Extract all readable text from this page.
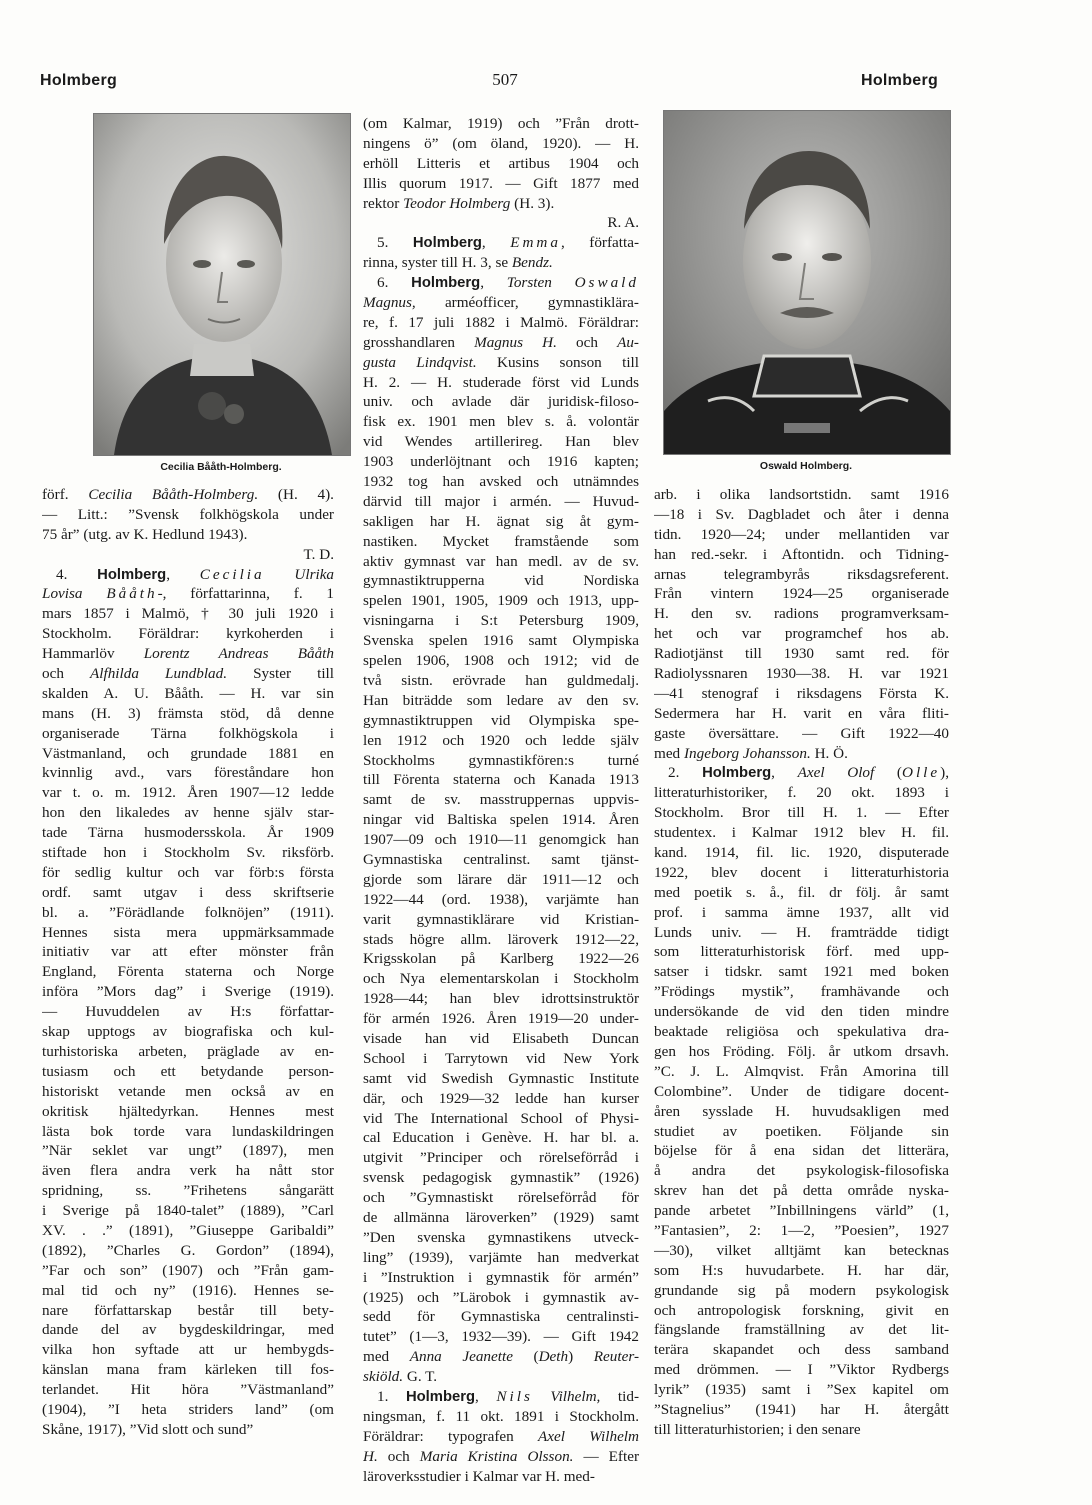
Holmberg	507	Holmberg
Cecilia Bååth-Holmberg.	Oswald Holmberg.
förf. Cecilia Bååth-Holmberg. (H. 4).
— Litt.: ”Svensk folkhögskola under
75 år” (utg. av K. Hedlund 1943).
T. D.
4. Holmberg, Cecilia Ulrika
Lovisa Bååth-, författarinna, f. 1
mars 1857 i Malmö, † 30 juli 1920 i
Stockholm. Föräldrar: kyrkoherden i
Hammarlöv Lorentz Andreas Bååth
och Alfhilda Lundblad. Syster till
skalden A. U. Bååth. — H. var sin
mans (H. 3) främsta stöd, då denne
organiserade Tärna folkhögskola i
Västmanland, och grundade 1881 en
kvinnlig avd., vars föreståndare hon
var t. o. m. 1912. Åren 1907—12 ledde
hon den likaledes av henne själv star-
tade Tärna husmodersskola. År 1909
stiftade hon i Stockholm Sv. riksförb.
för sedlig kultur och var förb:s första
ordf. samt utgav i dess skriftserie
bl. a. ”Förädlande folknöjen” (1911).
Hennes sista mera uppmärksammade
initiativ var att efter mönster från
England, Förenta staterna och Norge
införa ”Mors dag” i Sverige (1919).
— Huvuddelen av H:s författar-
skap upptogs av biografiska och kul-
turhistoriska arbeten, präglade av en-
tusiasm och ett betydande person-
historiskt vetande men också av en
okritisk hjältedyrkan. Hennes mest
lästa bok torde vara lundaskildringen
”När seklet var ungt” (1897), men
även flera andra verk ha nått stor
spridning, ss. ”Frihetens sångarätt
i Sverige på 1840-talet” (1889), ”Carl
XV. . .” (1891), ”Giuseppe Garibaldi”
(1892), ”Charles G. Gordon” (1894),
”Far och son” (1907) och ”Från gam-
mal tid och ny” (1916). Hennes se-
nare författarskap består till bety-
dande del av bygdeskildringar, med
vilka hon syftade att ur hembygds-
känslan mana fram kärleken till fos-
terlandet. Hit höra ”Västmanland”
(1904), ”I heta striders land” (om
Skåne, 1917), ”Vid slott och sund”
(om Kalmar, 1919) och ”Från drott-
ningens ö” (om öland, 1920). — H.
erhöll Litteris et artibus 1904 och
Illis quorum 1917. — Gift 1877 med
rektor Teodor Holmberg (H. 3).
R. A.
5. Holmberg, Emma, författa-
rinna, syster till H. 3, se Bendz.
6. Holmberg, Torsten Oswald
Magnus, arméofficer, gymnastiklära-
re, f. 17 juli 1882 i Malmö. Föräldrar:
grosshandlaren Magnus H. och Au-
gusta Lindqvist. Kusins sonson till
H. 2. — H. studerade först vid Lunds
univ. och avlade där juridisk-filoso-
fisk ex. 1901 men blev s. å. volontär
vid Wendes artillerireg. Han blev
1903 underlöjtnant och 1916 kapten;
1932 tog han avsked och utnämndes
därvid till major i armén. — Huvud-
sakligen har H. ägnat sig åt gym-
nastiken. Mycket framstående som
aktiv gymnast var han medl. av de sv.
gymnastiktrupperna vid Nordiska
spelen 1901, 1905, 1909 och 1913, upp-
visningarna i S:t Petersburg 1909,
Svenska spelen 1916 samt Olympiska
spelen 1906, 1908 och 1912; vid de
två sistn. erövrade han guldmedalj.
Han biträdde som ledare av den sv.
gymnastiktruppen vid Olympiska spe-
len 1912 och 1920 och ledde själv
Stockholms gymnastikfören:s turné
till Förenta staterna och Kanada 1913
samt de sv. masstruppernas uppvis-
ningar vid Baltiska spelen 1914. Åren
1907—09 och 1910—11 genomgick han
Gymnastiska centralinst. samt tjänst-
gjorde som lärare där 1911—12 och
1922—44 (ord. 1938), varjämte han
varit gymnastiklärare vid Kristian-
stads högre allm. läroverk 1912—22,
Krigsskolan på Karlberg 1922—26
och Nya elementarskolan i Stockholm
1928—44; han blev idrottsinstruktör
för armén 1926. Åren 1919—20 under-
visade han vid Elisabeth Duncan
School i Tarrytown vid New York
samt vid Swedish Gymnastic Institute
där, och 1929—32 ledde han kurser
vid The International School of Physi-
cal Education i Genève. H. har bl. a.
utgivit ”Principer och rörelseförråd i
svensk pedagogisk gymnastik” (1926)
och ”Gymnastiskt rörelseförråd för
de allmänna läroverken” (1929) samt
”Den svenska gymnastikens utveck-
ling” (1939), varjämte han medverkat
i ”Instruktion i gymnastik för armén”
(1925) och ”Lärobok i gymnastik av-
sedd för Gymnastiska centralinsti-
tutet” (1—3, 1932—39). — Gift 1942
med Anna Jeanette (Deth) Reuter-
skiöld. G. T.
1. Holmberg, Nils Vilhelm, tid-
ningsman, f. 11 okt. 1891 i Stockholm.
Föräldrar: typografen Axel Wilhelm
H. och Maria Kristina Olsson. — Efter
läroverksstudier i Kalmar var H. med-
arb. i olika landsortstidn. samt 1916
—18 i Sv. Dagbladet och åter i denna
tidn. 1920—24; under mellantiden var
han red.-sekr. i Aftontidn. och Tidning-
arnas telegrambyrås riksdagsreferent.
Från vintern 1924—25 organiserade
H. den sv. radions programverksam-
het och var programchef hos ab.
Radiotjänst till 1930 samt red. för
Radiolyssnaren 1930—38. H. var 1921
—41 stenograf i riksdagens Första K.
Sedermera har H. varit en våra fliti-
gaste översättare. — Gift 1922—40
med Ingeborg Johansson. H. Ö.
2. Holmberg, Axel Olof (Olle),
litteraturhistoriker, f. 20 okt. 1893 i
Stockholm. Bror till H. 1. — Efter
studentex. i Kalmar 1912 blev H. fil.
kand. 1914, fil. lic. 1920, disputerade
1922, blev docent i litteraturhistoria
med poetik s. å., fil. dr följ. år samt
prof. i samma ämne 1937, allt vid
Lunds univ. — H. framträdde tidigt
som litteraturhistorisk förf. med upp-
satser i tidskr. samt 1921 med boken
”Frödings mystik”, framhävande och
undersökande de vid den tiden mindre
beaktade religiösa och spekulativa dra-
gen hos Fröding. Följ. år utkom drsavh.
”C. J. L. Almqvist. Från Amorina till
Colombine”. Under de tidigare docent-
åren sysslade H. huvudsakligen med
studiet av poetiken. Följande sin
böjelse för å ena sidan det litterära,
å andra det psykologisk-filosofiska
skrev han det på detta område nyska-
pande arbetet ”Inbillningens värld” (1,
”Fantasien”, 2: 1—2, ”Poesien”, 1927
—30), vilket alltjämt kan betecknas
som H:s huvudarbete. H. har där,
grundande sig på modern psykologisk
och antropologisk forskning, givit en
fängslande framställning av det lit-
terära skapandet och dess samband
med drömmen. — I ”Viktor Rydbergs
lyrik” (1935) samt i ”Sex kapitel om
”Stagnelius” (1941) har H. återgått
till litteraturhistorien; i den senare
